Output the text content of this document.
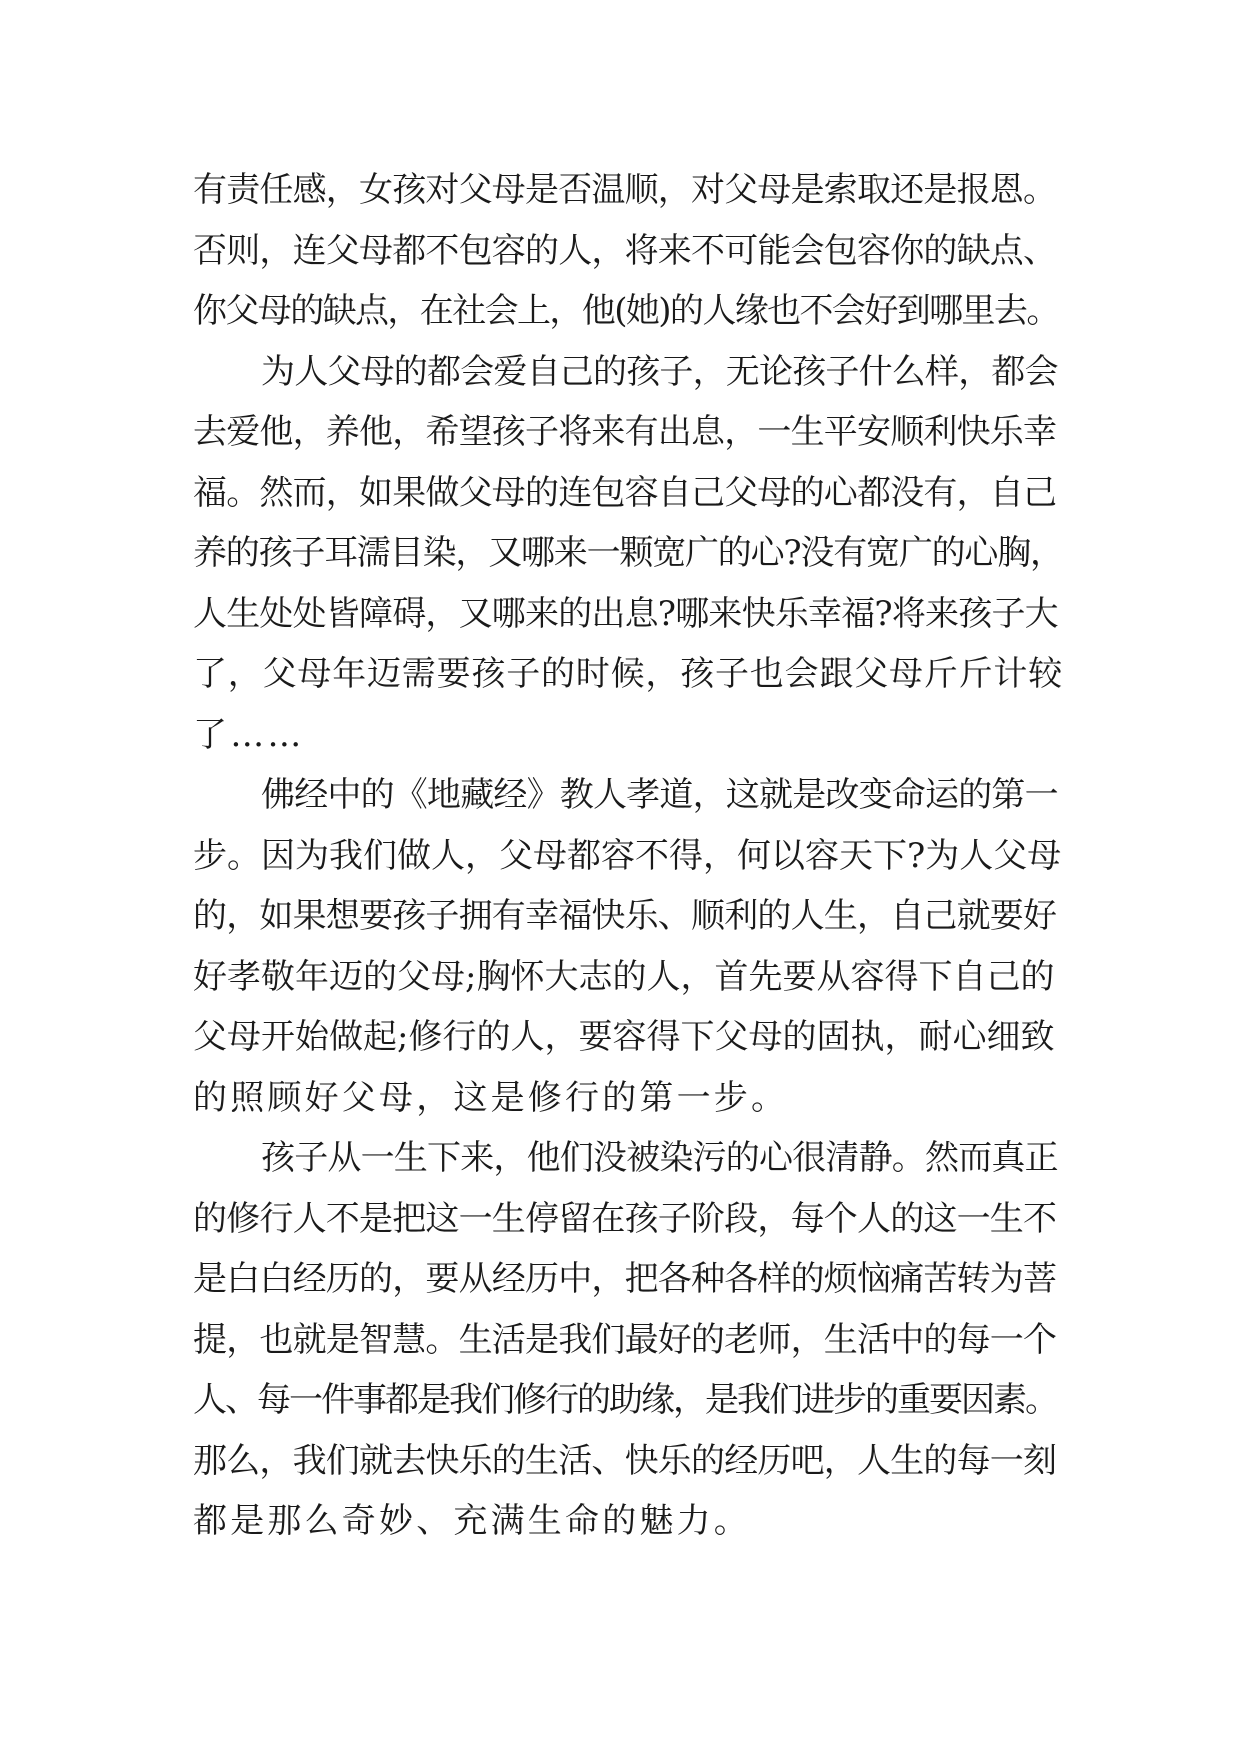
有责任感，女孩对父母是否温顺，对父母是索取还是报恩。
否则，连父母都不包容的人，将来不可能会包容你的缺点、
你父母的缺点，在社会上，他(她)的人缘也不会好到哪里去。
为人父母的都会爱自己的孩子，无论孩子什么样，都会
去爱他，养他，希望孩子将来有出息，一生平安顺利快乐幸
福。然而，如果做父母的连包容自己父母的心都没有，自己
养的孩子耳濡目染，又哪来一颗宽广的心?没有宽广的心胸，
人生处处皆障碍，又哪来的出息?哪来快乐幸福?将来孩子大
了，父母年迈需要孩子的时候，孩子也会跟父母斤斤计较
了……
佛经中的《地藏经》教人孝道，这就是改变命运的第一
步。因为我们做人，父母都容不得，何以容天下?为人父母
的，如果想要孩子拥有幸福快乐、顺利的人生，自己就要好
好孝敬年迈的父母;胸怀大志的人，首先要从容得下自己的
父母开始做起;修行的人，要容得下父母的固执，耐心细致
的照顾好父母，这是修行的第一步。
孩子从一生下来，他们没被染污的心很清静。然而真正
的修行人不是把这一生停留在孩子阶段，每个人的这一生不
是白白经历的，要从经历中，把各种各样的烦恼痛苦转为菩
提，也就是智慧。生活是我们最好的老师，生活中的每一个
人、每一件事都是我们修行的助缘，是我们进步的重要因素。
那么，我们就去快乐的生活、快乐的经历吧，人生的每一刻
都是那么奇妙、充满生命的魅力。
